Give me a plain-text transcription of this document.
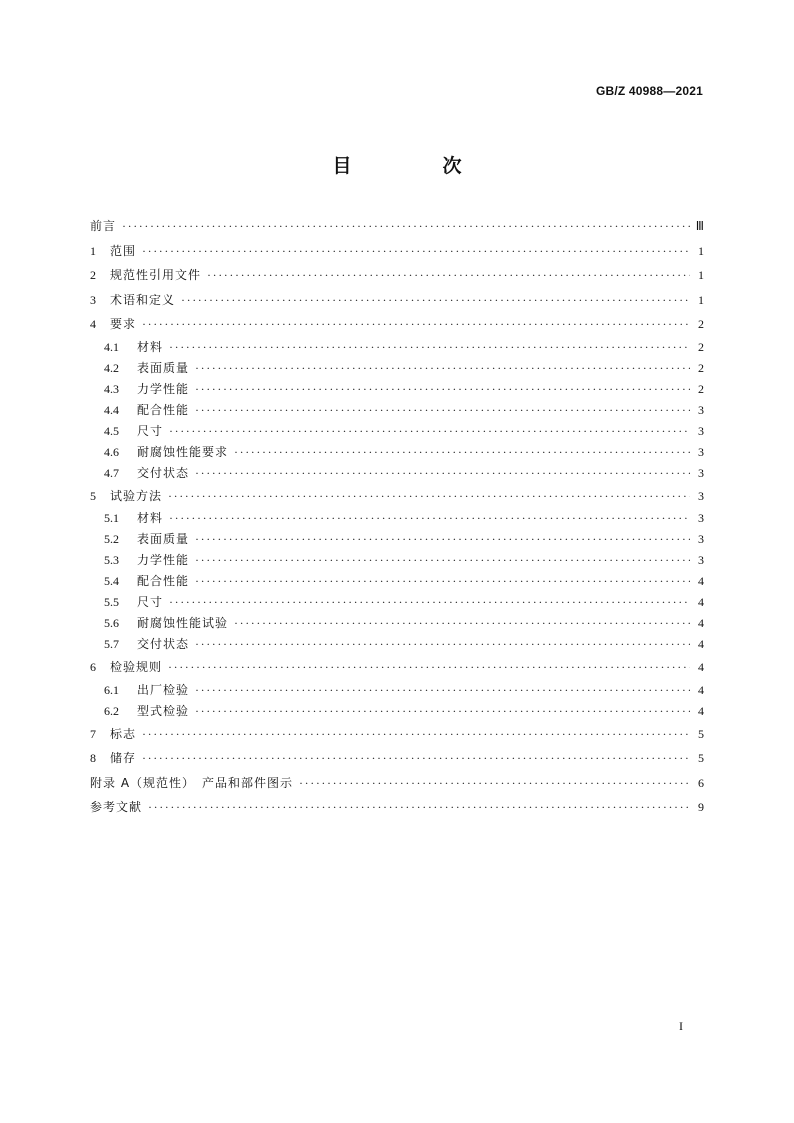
GB/Z 40988—2021
目　次
前言 ·····	Ⅲ
1	范围 ·····	1
2	规范性引用文件 ·····	1
3	术语和定义 ·····	1
4	要求 ·····	2
4.1	材料 ·····	2
4.2	表面质量 ·····	2
4.3	力学性能 ·····	2
4.4	配合性能 ·····	3
4.5	尺寸 ·····	3
4.6	耐腐蚀性能要求 ·····	3
4.7	交付状态 ·····	3
5	试验方法 ·····	3
5.1	材料 ·····	3
5.2	表面质量 ·····	3
5.3	力学性能 ·····	3
5.4	配合性能 ·····	4
5.5	尺寸 ·····	4
5.6	耐腐蚀性能试验 ·····	4
5.7	交付状态 ·····	4
6	检验规则 ·····	4
6.1	出厂检验 ·····	4
6.2	型式检验 ·····	4
7	标志 ·····	5
8	储存 ·····	5
附录 A（规范性）　产品和部件图示 ·····	6
参考文献 ·····	9
I
